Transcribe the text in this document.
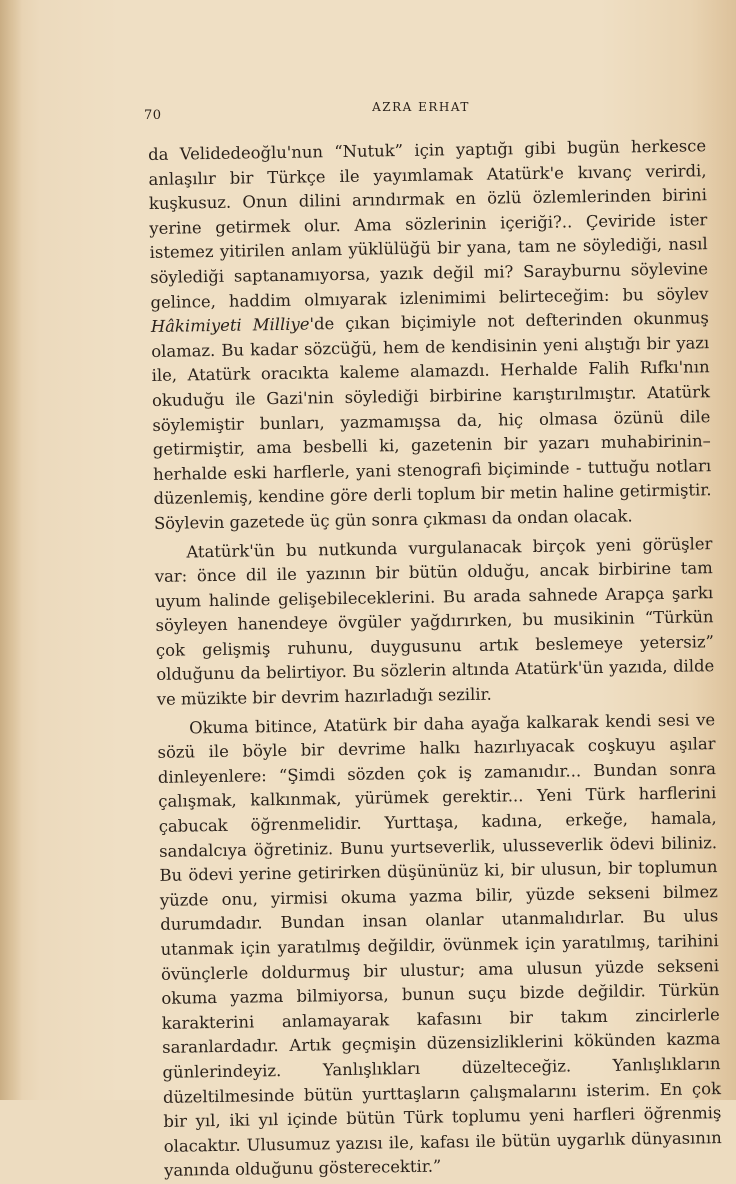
70
AZRA ERHAT

da Velidedeoğlu'nun “Nutuk” için yaptığı gibi bugün herkesce anlaşılır bir Türkçe ile yayımlamak Atatürk'e kıvanç verirdi, kuşkusuz. Onun dilini arındırmak en özlü özlemlerinden birini yerine getirmek olur. Ama sözlerinin içeriği?.. Çeviride ister istemez yitirilen anlam yüklülüğü bir yana, tam ne söylediği, nasıl söylediği saptanamıyorsa, yazık değil mi? Sarayburnu söylevine gelince, haddim olmıyarak izlenimimi belirteceğim: bu söylev Hâkimiyeti Milliye'de çıkan biçimiyle not defterinden okunmuş olamaz. Bu kadar sözcüğü, hem de kendisinin yeni alıştığı bir yazı ile, Atatürk oracıkta kaleme alamazdı. Herhalde Falih Rıfkı'nın okuduğu ile Gazi'nin söylediği birbirine karıştırılmıştır. Atatürk söylemiştir bunları, yazmamışsa da, hiç olmasa özünü dile getirmiştir, ama besbelli ki, gazetenin bir yazarı muhabirinin–herhalde eski harflerle, yani stenografi biçiminde - tuttuğu notları düzenlemiş, kendine göre derli toplum bir metin haline getirmiştir. Söylevin gazetede üç gün sonra çıkması da ondan olacak.

Atatürk'ün bu nutkunda vurgulanacak birçok yeni görüşler var: önce dil ile yazının bir bütün olduğu, ancak birbirine tam uyum halinde gelişebileceklerini. Bu arada sahnede Arapça şarkı söyleyen hanendeye övgüler yağdırırken, bu musikinin “Türkün çok gelişmiş ruhunu, duygusunu artık beslemeye yetersiz” olduğunu da belirtiyor. Bu sözlerin altında Atatürk'ün yazıda, dilde ve müzikte bir devrim hazırladığı sezilir.

Okuma bitince, Atatürk bir daha ayağa kalkarak kendi sesi ve sözü ile böyle bir devrime halkı hazırlıyacak coşkuyu aşılar dinleyenlere: “Şimdi sözden çok iş zamanıdır... Bundan sonra çalışmak, kalkınmak, yürümek gerektir... Yeni Türk harflerini çabucak öğrenmelidir. Yurttaşa, kadına, erkeğe, hamala, sandalcıya öğretiniz. Bunu yurtseverlik, ulusseverlik ödevi biliniz. Bu ödevi yerine getirirken düşününüz ki, bir ulusun, bir toplumun yüzde onu, yirmisi okuma yazma bilir, yüzde sekseni bilmez durumdadır. Bundan insan olanlar utanmalıdırlar. Bu ulus utanmak için yaratılmış değildir, övünmek için yaratılmış, tarihini övünçlerle doldurmuş bir ulustur; ama ulusun yüzde sekseni okuma yazma bilmiyorsa, bunun suçu bizde değildir. Türkün karakterini anlamayarak kafasını bir takım zincirlerle saranlardadır. Artık geçmişin düzensizliklerini kökünden kazma günlerindeyiz. Yanlışlıkları düzelteceğiz. Yanlışlıkların düzeltilmesinde bütün yurttaşların çalışmalarını isterim. En çok bir yıl, iki yıl içinde bütün Türk toplumu yeni harfleri öğrenmiş olacaktır. Ulusumuz yazısı ile, kafası ile bütün uygarlık dünyasının yanında olduğunu gösterecektir.”
